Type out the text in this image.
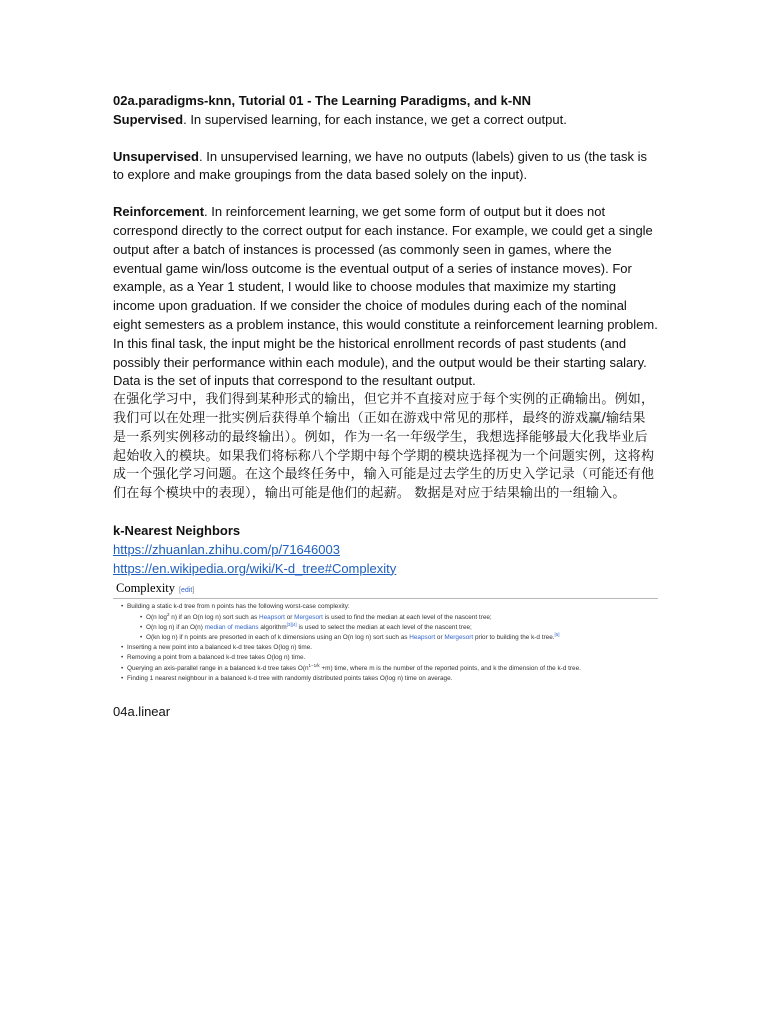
02a.paradigms-knn, Tutorial 01 - The Learning Paradigms, and k-NN

Supervised. In supervised learning, for each instance, we get a correct output.

Unsupervised. In unsupervised learning, we have no outputs (labels) given to us (the task is to explore and make groupings from the data based solely on the input).

Reinforcement. In reinforcement learning, we get some form of output but it does not correspond directly to the correct output for each instance. For example, we could get a single output after a batch of instances is processed (as commonly seen in games, where the eventual game win/loss outcome is the eventual output of a series of instance moves). For example, as a Year 1 student, I would like to choose modules that maximize my starting income upon graduation. If we consider the choice of modules during each of the nominal eight semesters as a problem instance, this would constitute a reinforcement learning problem. In this final task, the input might be the historical enrollment records of past students (and possibly their performance within each module), and the output would be their starting salary. Data is the set of inputs that correspond to the resultant output.

在强化学习中，我们得到某种形式的输出，但它并不直接对应于每个实例的正确输出。例如，我们可以在处理一批实例后获得单个输出（正如在游戏中常见的那样，最终的游戏赢/输结果是一系列实例移动的最终输出）。例如，作为一名一年级学生，我想选择能够最大化我毕业后起始收入的模块。如果我们将标称八个学期中每个学期的模块选择视为一个问题实例，这将构成一个强化学习问题。在这个最终任务中，输入可能是过去学生的历史入学记录（可能还有他们在每个模块中的表现），输出可能是他们的起薪。 数据是对应于结果输出的一组输入。

k-Nearest Neighbors

https://zhuanlan.zhihu.com/p/71646003
https://en.wikipedia.org/wiki/K-d_tree#Complexity
Complexity [edit]
• Building a static k-d tree from n points has the following worst-case complexity:
• O(n $\log^2 n$) if an O(n log n) sort such as Heapsort or Mergesort is used to find the median at each level of the nascent tree;
• O(n log n) if an O(n) median of medians algorithm[3][4] is used to select the median at each level of the nascent tree;
• O(kn log n) if n points are presorted in each of k dimensions using an O(n log n) sort such as Heapsort or Mergesort prior to building the k-d tree.[5]
• Inserting a new point into a balanced k-d tree takes O(log n) time.
• Removing a point from a balanced k-d tree takes O(log n) time.
• Querying an axis-parallel range in a balanced k-d tree takes $O(n^{1-1/k} +m)$ time, where m is the number of the reported points, and k the dimension of the k-d tree.
• Finding 1 nearest neighbour in a balanced k-d tree with randomly distributed points takes O(log n) time on average.

04a.linear
